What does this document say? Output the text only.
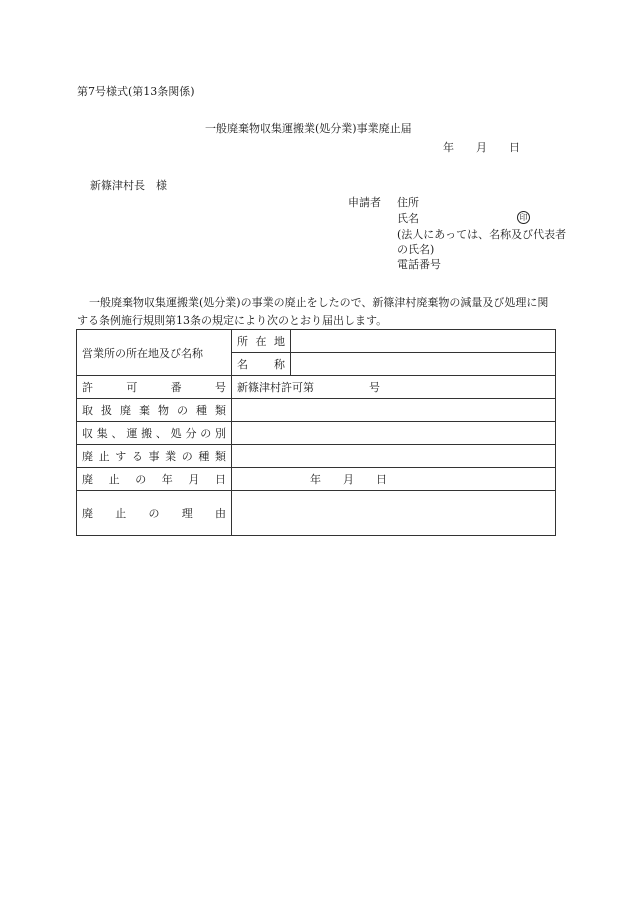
第7号様式(第13条関係)
一般廃棄物収集運搬業(処分業)事業廃止届
年　　月　　日
新篠津村長　様
申請者 住所
氏名	印
(法人にあっては、名称及び代表者の氏名)
電話番号
一般廃棄物収集運搬業(処分業)の事業の廃止をしたので、新篠津村廃棄物の減量及び処理に関する条例施行規則第13条の規定により次のとおり届出します。
営業所の所在地及び名称	所在地	
	名称	
許可番号	新篠津村許可第　　　　　号	
取扱廃棄物の種類		
収集、運搬、処分の別		
廃止する事業の種類		
廃止の年月日	年　　月　　日	
廃止の理由		
